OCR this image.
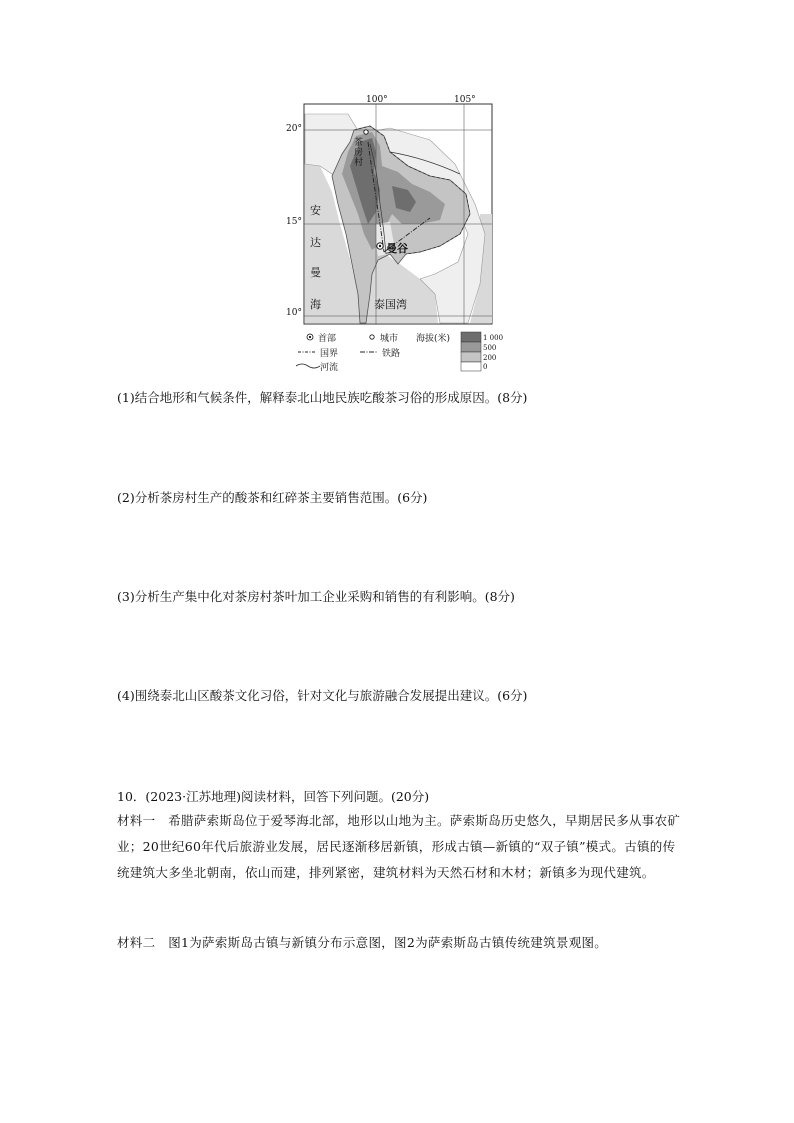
100°	105°
20°
15°
10°
茶房村
曼谷
安
达
曼
海	泰国湾
首部	城市 海拔(米)
国界	铁路
河流
1 000
500
200
0
(1)结合地形和气候条件，解释泰北山地民族吃酸茶习俗的形成原因。(8分)
(2)分析茶房村生产的酸茶和红碎茶主要销售范围。(6分)
(3)分析生产集中化对茶房村茶叶加工企业采购和销售的有利影响。(8分)
(4)围绕泰北山区酸茶文化习俗，针对文化与旅游融合发展提出建议。(6分)
10．(2023·江苏地理)阅读材料，回答下列问题。(20分)
材料一　希腊萨索斯岛位于爱琴海北部，地形以山地为主。萨索斯岛历史悠久，早期居民多从事农矿业；20世纪60年代后旅游业发展，居民逐渐移居新镇，形成古镇—新镇的“双子镇”模式。古镇的传统建筑大多坐北朝南，依山而建，排列紧密，建筑材料为天然石材和木材；新镇多为现代建筑。
材料二　图1为萨索斯岛古镇与新镇分布示意图，图2为萨索斯岛古镇传统建筑景观图。
